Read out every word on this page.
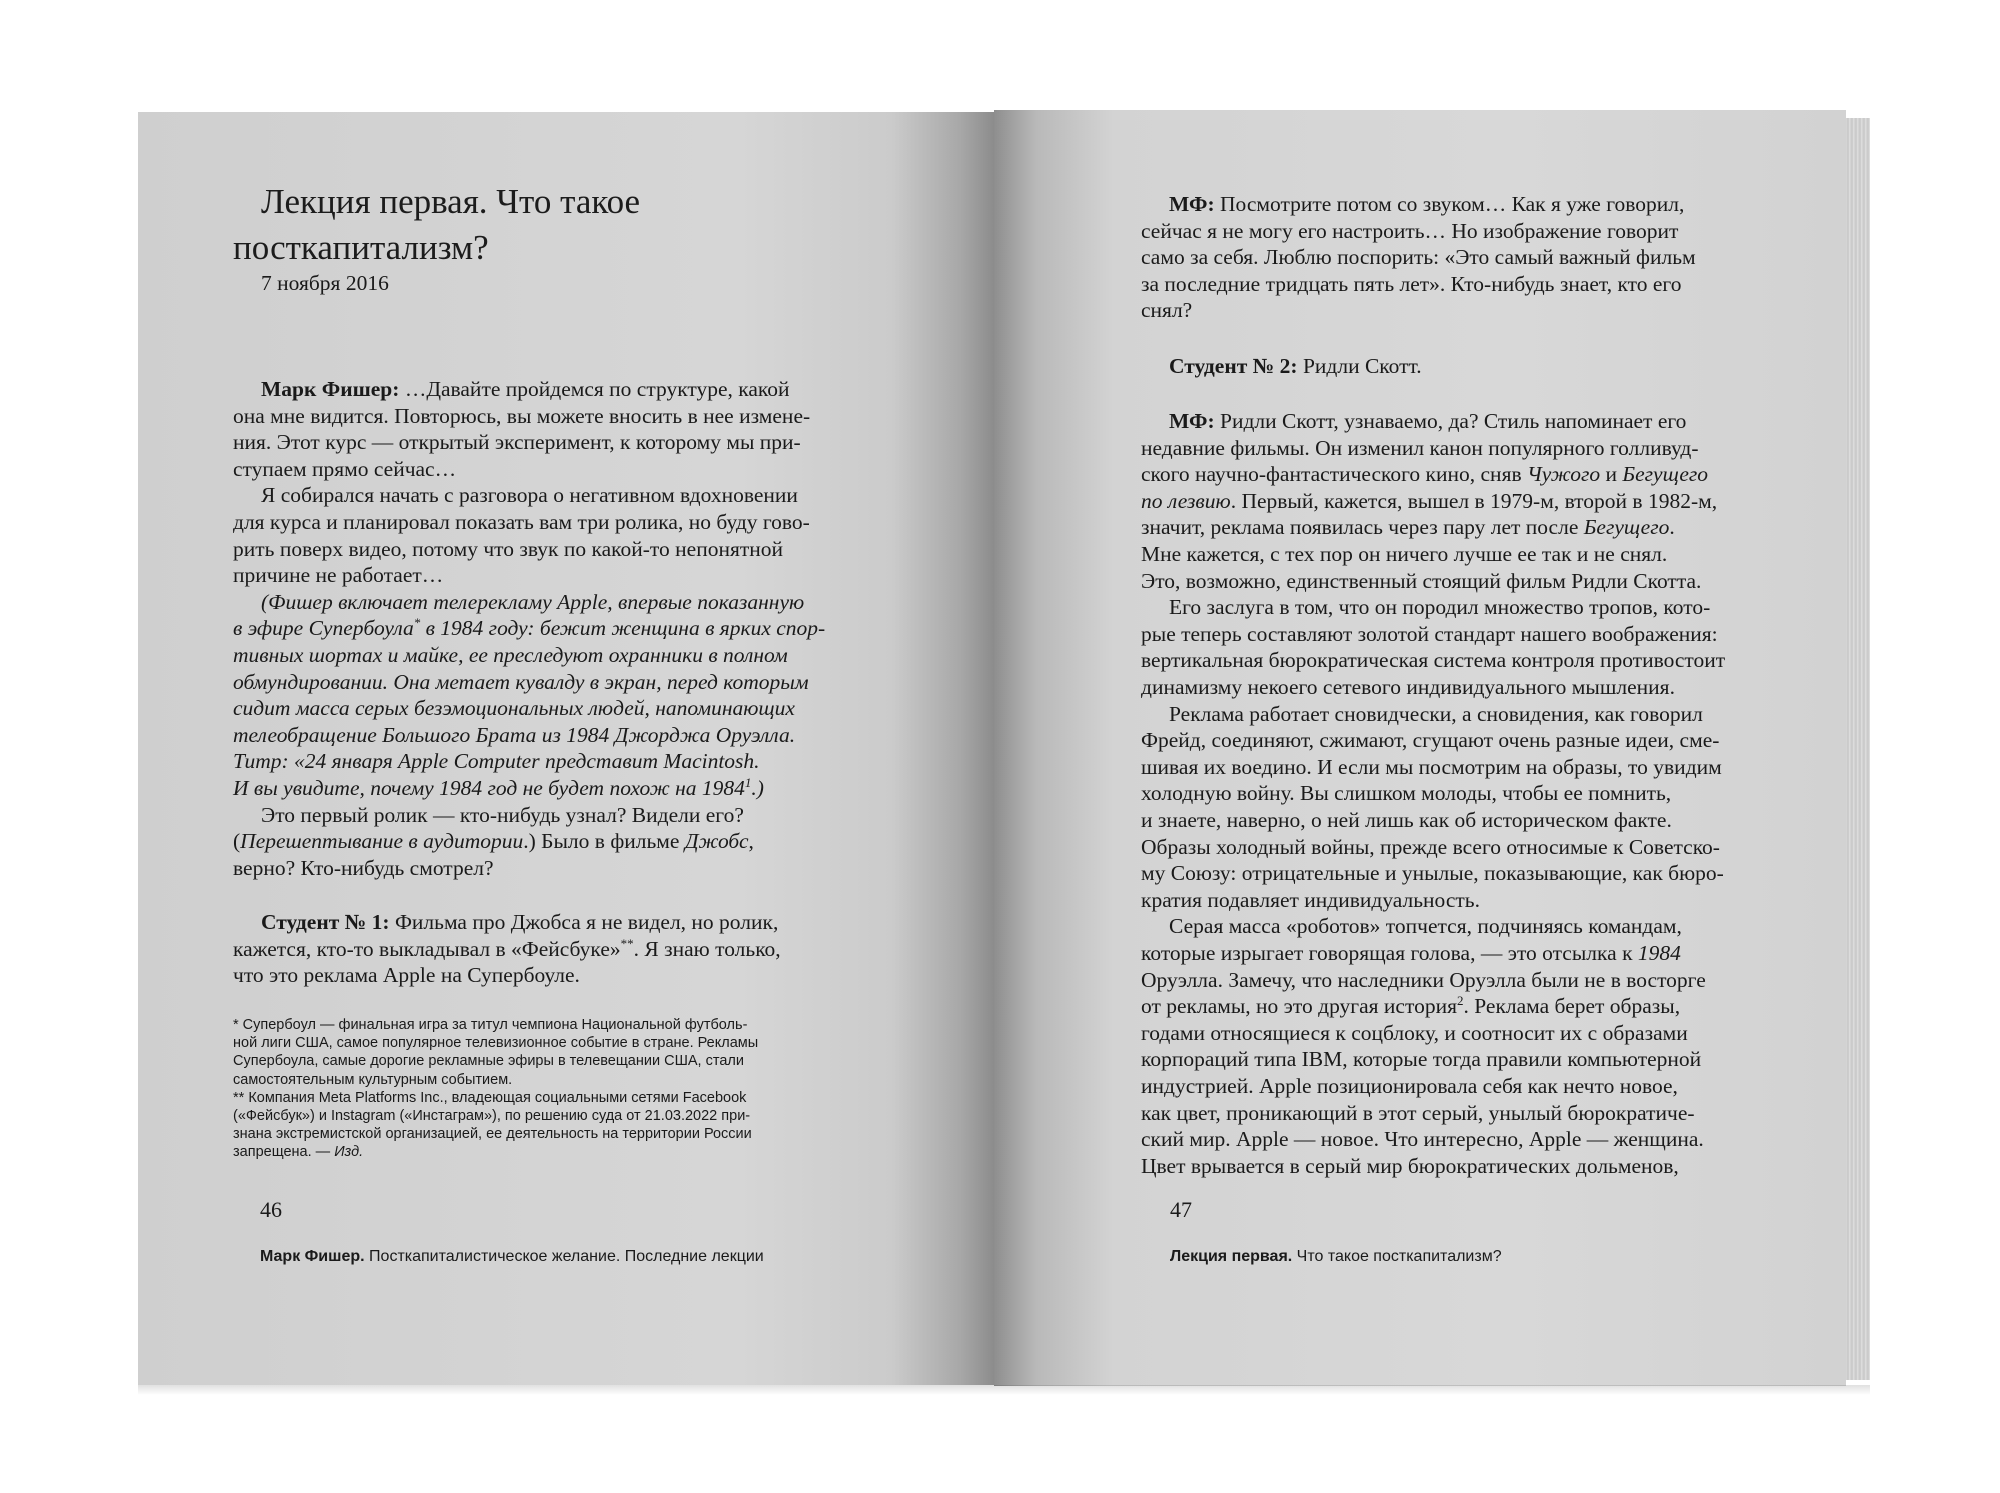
Лекция первая. Что такое
посткапитализм?
7 ноября 2016
Марк Фишер: …Давайте пройдемся по структуре, какой
она мне видится. Повторюсь, вы можете вносить в нее измене-
ния. Этот курс — открытый эксперимент, к которому мы при-
ступаем прямо сейчас…
Я собирался начать с разговора о негативном вдохновении
для курса и планировал показать вам три ролика, но буду гово-
рить поверх видео, потому что звук по какой-то непонятной
причине не работает…
(Фишер включает телерекламу Apple, впервые показанную
в эфире Супербоула* в 1984 году: бежит женщина в ярких спор-
тивных шортах и майке, ее преследуют охранники в полном
обмундировании. Она метает кувалду в экран, перед которым
сидит масса серых безэмоциональных людей, напоминающих
телеобращение Большого Брата из 1984 Джорджа Оруэлла.
Титр: «24 января Apple Computer представит Macintosh.
И вы увидите, почему 1984 год не будет похож на 1984$^1$.)
Это первый ролик — кто-нибудь узнал? Видели его?
(Перешептывание в аудитории.) Было в фильме Джобс,
верно? Кто-нибудь смотрел?
Студент № 1: Фильма про Джобса я не видел, но ролик,
кажется, кто-то выкладывал в «Фейсбуке»**. Я знаю только,
что это реклама Apple на Супербоуле.
* Супербоул — финальная игра за титул чемпиона Национальной футболь-
ной лиги США, самое популярное телевизионное событие в стране. Рекламы
Супербоула, самые дорогие рекламные эфиры в телевещании США, стали
самостоятельным культурным событием.
** Компания Meta Platforms Inc., владеющая социальными сетями Facebook
(«Фейсбук») и Instagram («Инстаграм»), по решению суда от 21.03.2022 при-
знана экстремистской организацией, ее деятельность на территории России
запрещена. — Изд.
46
Марк Фишер. Посткапиталистическое желание. Последние лекции
МФ: Посмотрите потом со звуком… Как я уже говорил,
сейчас я не могу его настроить… Но изображение говорит
само за себя. Люблю поспорить: «Это самый важный фильм
за последние тридцать пять лет». Кто-нибудь знает, кто его
снял?
Студент № 2: Ридли Скотт.
МФ: Ридли Скотт, узнаваемо, да? Стиль напоминает его
недавние фильмы. Он изменил канон популярного голливуд-
ского научно-фантастического кино, сняв Чужого и Бегущего
по лезвию. Первый, кажется, вышел в 1979-м, второй в 1982-м,
значит, реклама появилась через пару лет после Бегущего.
Мне кажется, с тех пор он ничего лучше ее так и не снял.
Это, возможно, единственный стоящий фильм Ридли Скотта.
Его заслуга в том, что он породил множество тропов, кото-
рые теперь составляют золотой стандарт нашего воображения:
вертикальная бюрократическая система контроля противостоит
динамизму некоего сетевого индивидуального мышления.
Реклама работает сновидчески, а сновидения, как говорил
Фрейд, соединяют, сжимают, сгущают очень разные идеи, сме-
шивая их воедино. И если мы посмотрим на образы, то увидим
холодную войну. Вы слишком молоды, чтобы ее помнить,
и знаете, наверно, о ней лишь как об историческом факте.
Образы холодный войны, прежде всего относимые к Советско-
му Союзу: отрицательные и унылые, показывающие, как бюро-
кратия подавляет индивидуальность.
Серая масса «роботов» топчется, подчиняясь командам,
которые изрыгает говорящая голова, — это отсылка к 1984
Оруэлла. Замечу, что наследники Оруэлла были не в восторге
от рекламы, но это другая история$^2$. Реклама берет образы,
годами относящиеся к соцблоку, и соотносит их с образами
корпораций типа IBM, которые тогда правили компьютерной
индустрией. Apple позиционировала себя как нечто новое,
как цвет, проникающий в этот серый, унылый бюрократиче-
ский мир. Apple — новое. Что интересно, Apple — женщина.
Цвет врывается в серый мир бюрократических дольменов,
47
Лекция первая. Что такое посткапитализм?
